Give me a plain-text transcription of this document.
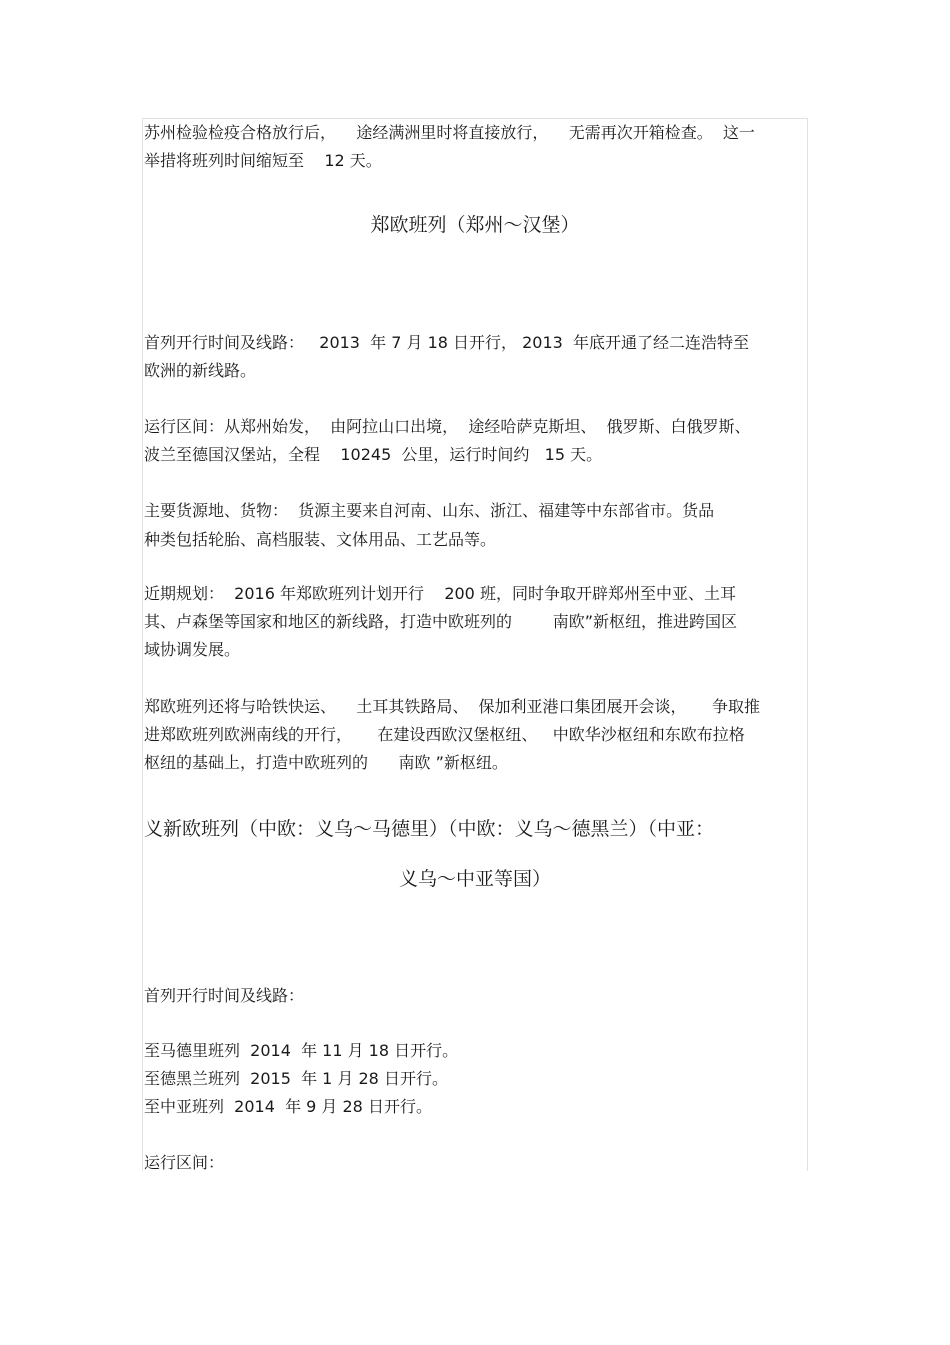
苏州检验检疫合格放行后，    途经满洲里时将直接放行，    无需再次开箱检查。  这一

举措将班列时间缩短至    12 天。

郑欧班列（郑州～汉堡）

首列开行时间及线路：   2013  年 7 月 18 日开行， 2013  年底开通了经二连浩特至

欧洲的新线路。

运行区间：从郑州始发，  由阿拉山口出境，  途经哈萨克斯坦、  俄罗斯、白俄罗斯、

波兰至德国汉堡站，全程    10245  公里，运行时间约   15 天。

主要货源地、货物：  货源主要来自河南、山东、浙江、福建等中东部省市。货品

种类包括轮胎、高档服装、文体用品、工艺品等。

近期规划：  2016 年郑欧班列计划开行    200 班，同时争取开辟郑州至中亚、土耳

其、卢森堡等国家和地区的新线路，打造中欧班列的        南欧”新枢纽，推进跨国区

域协调发展。

郑欧班列还将与哈铁快运、    土耳其铁路局、  保加利亚港口集团展开会谈，     争取推

进郑欧班列欧洲南线的开行，     在建设西欧汉堡枢纽、   中欧华沙枢纽和东欧布拉格

枢纽的基础上，打造中欧班列的      南欧 ”新枢纽。

义新欧班列（中欧：义乌～马德里）（中欧：义乌～德黑兰）（中亚：

义乌～中亚等国）

首列开行时间及线路：

至马德里班列  2014  年 11 月 18 日开行。

至德黑兰班列  2015  年 1 月 28 日开行。

至中亚班列  2014  年 9 月 28 日开行。

运行区间：
